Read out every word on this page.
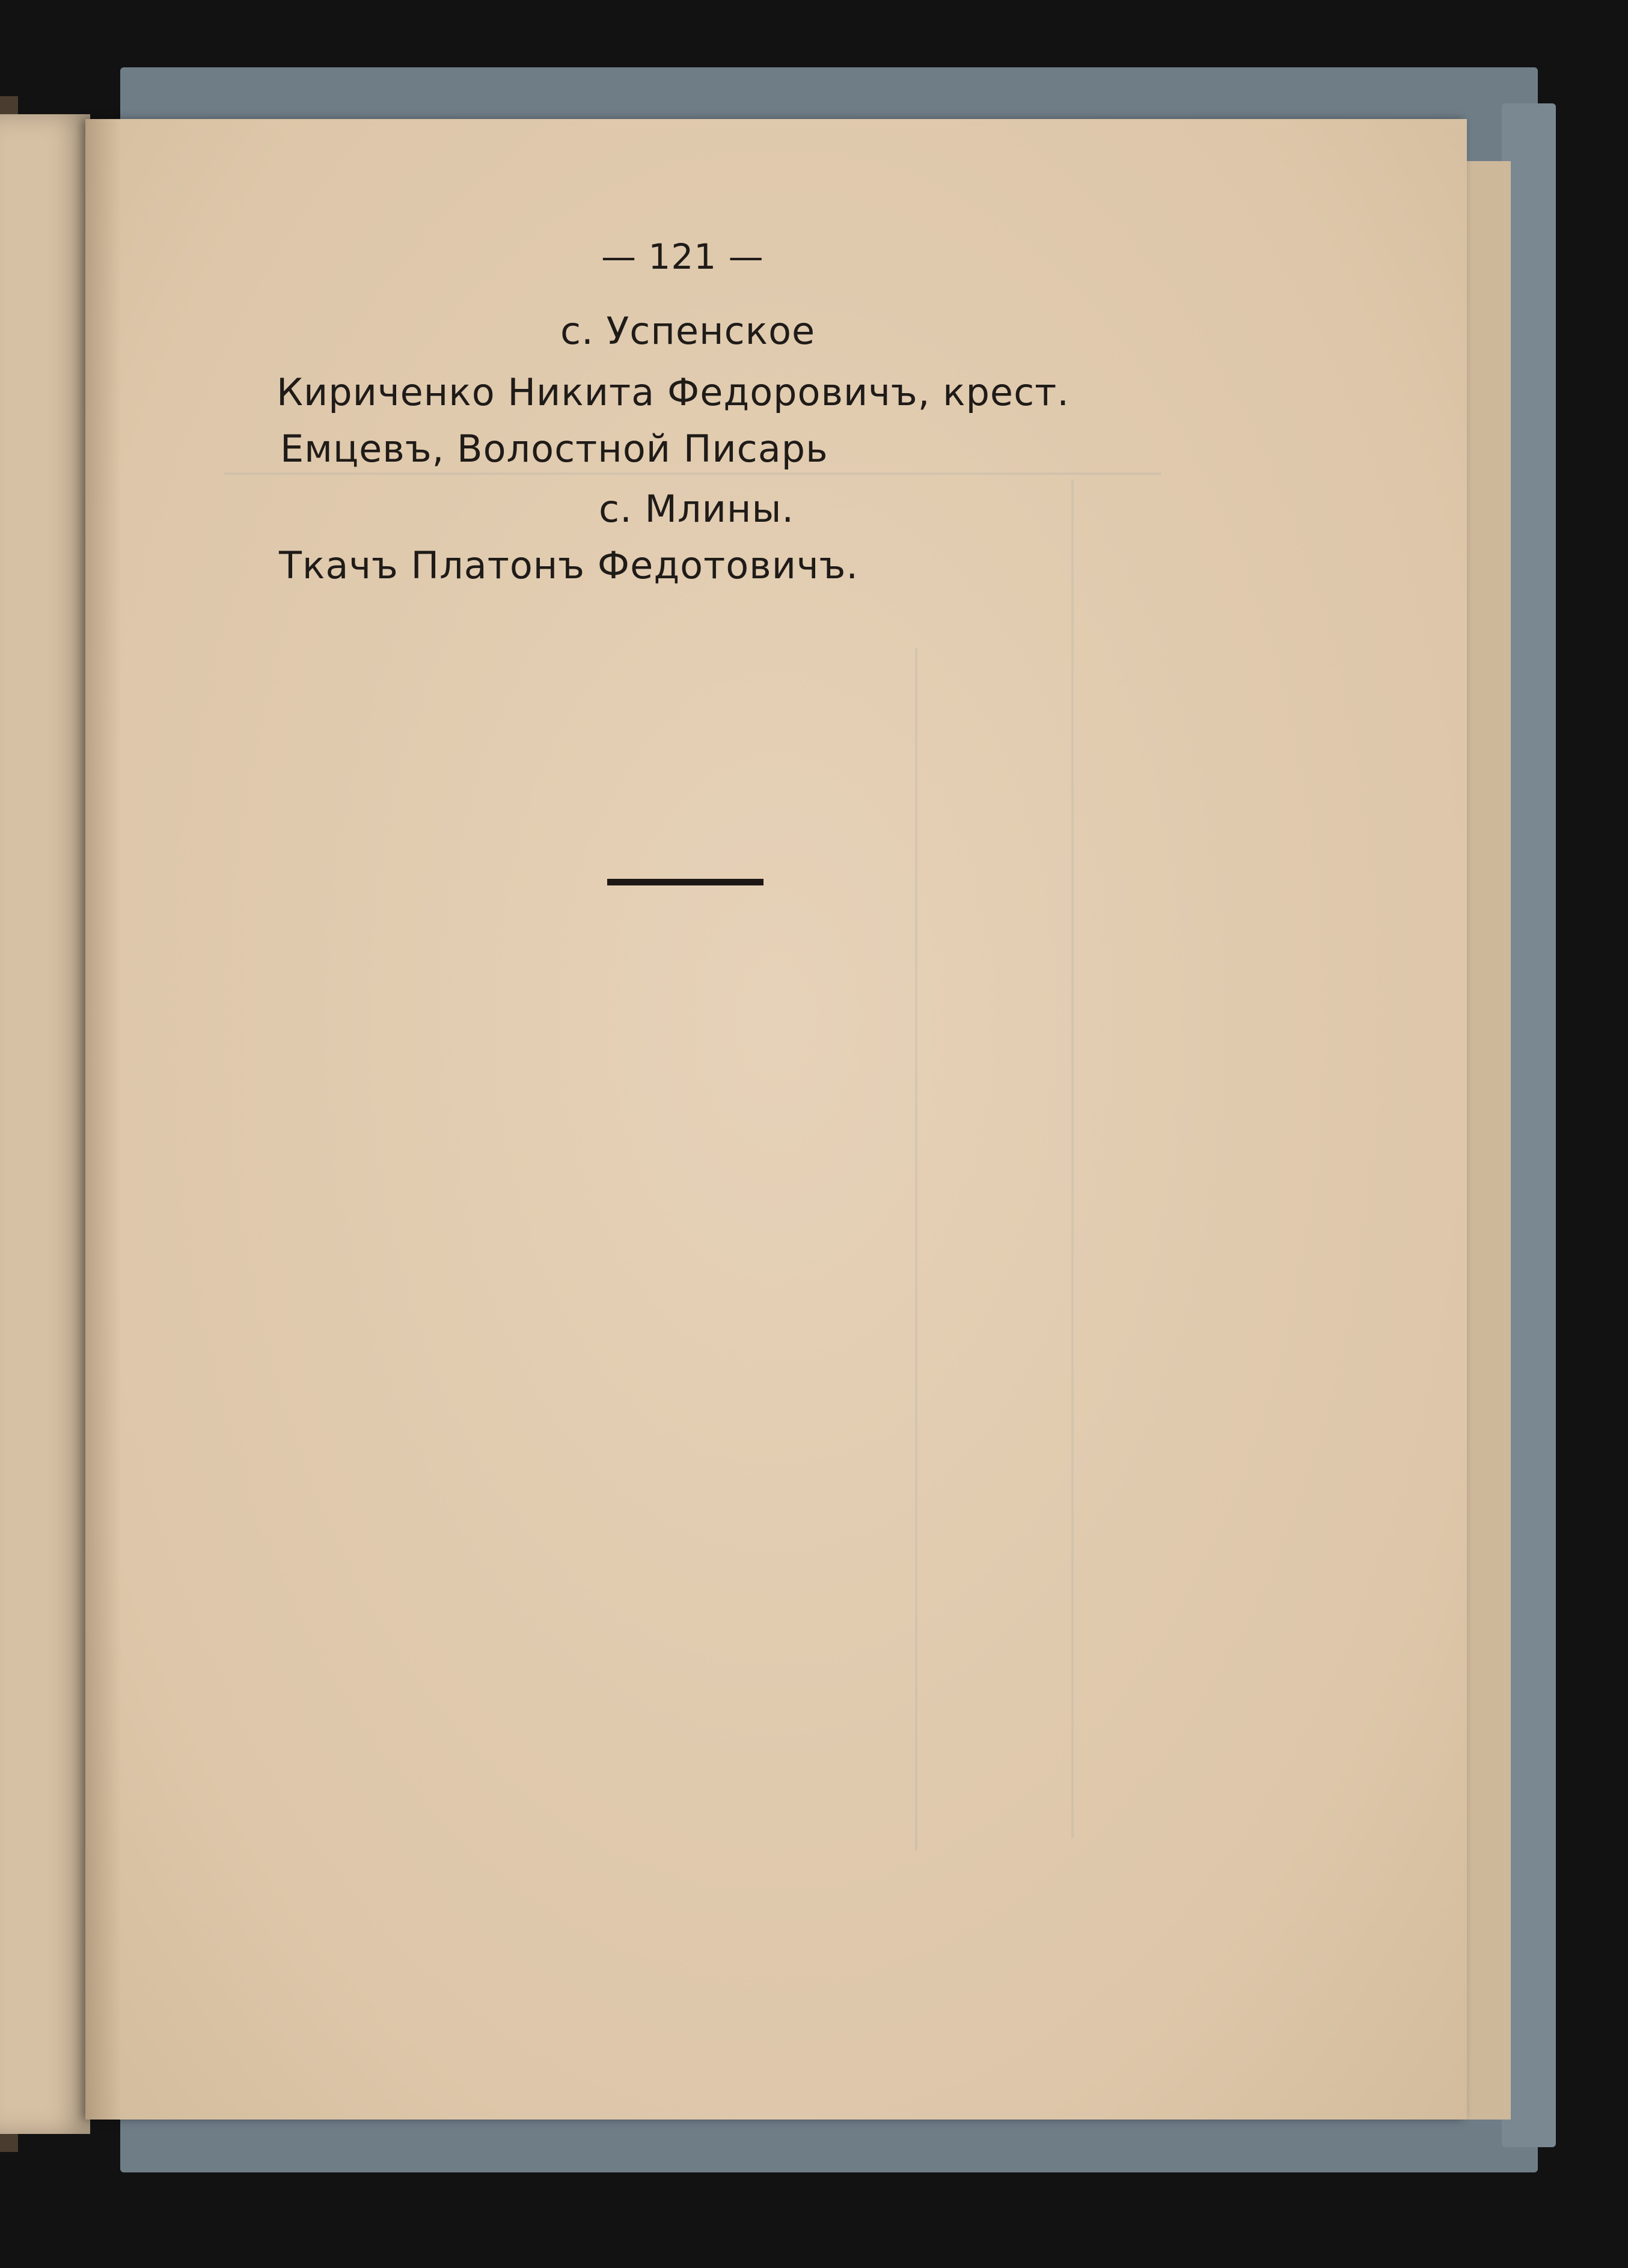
— 121 —
с. Успенское
Кириченко Никита Федоровичъ, крест.
Емцевъ, Волостной Писарь
с. Млины.
Ткачъ Платонъ Федотовичъ.
